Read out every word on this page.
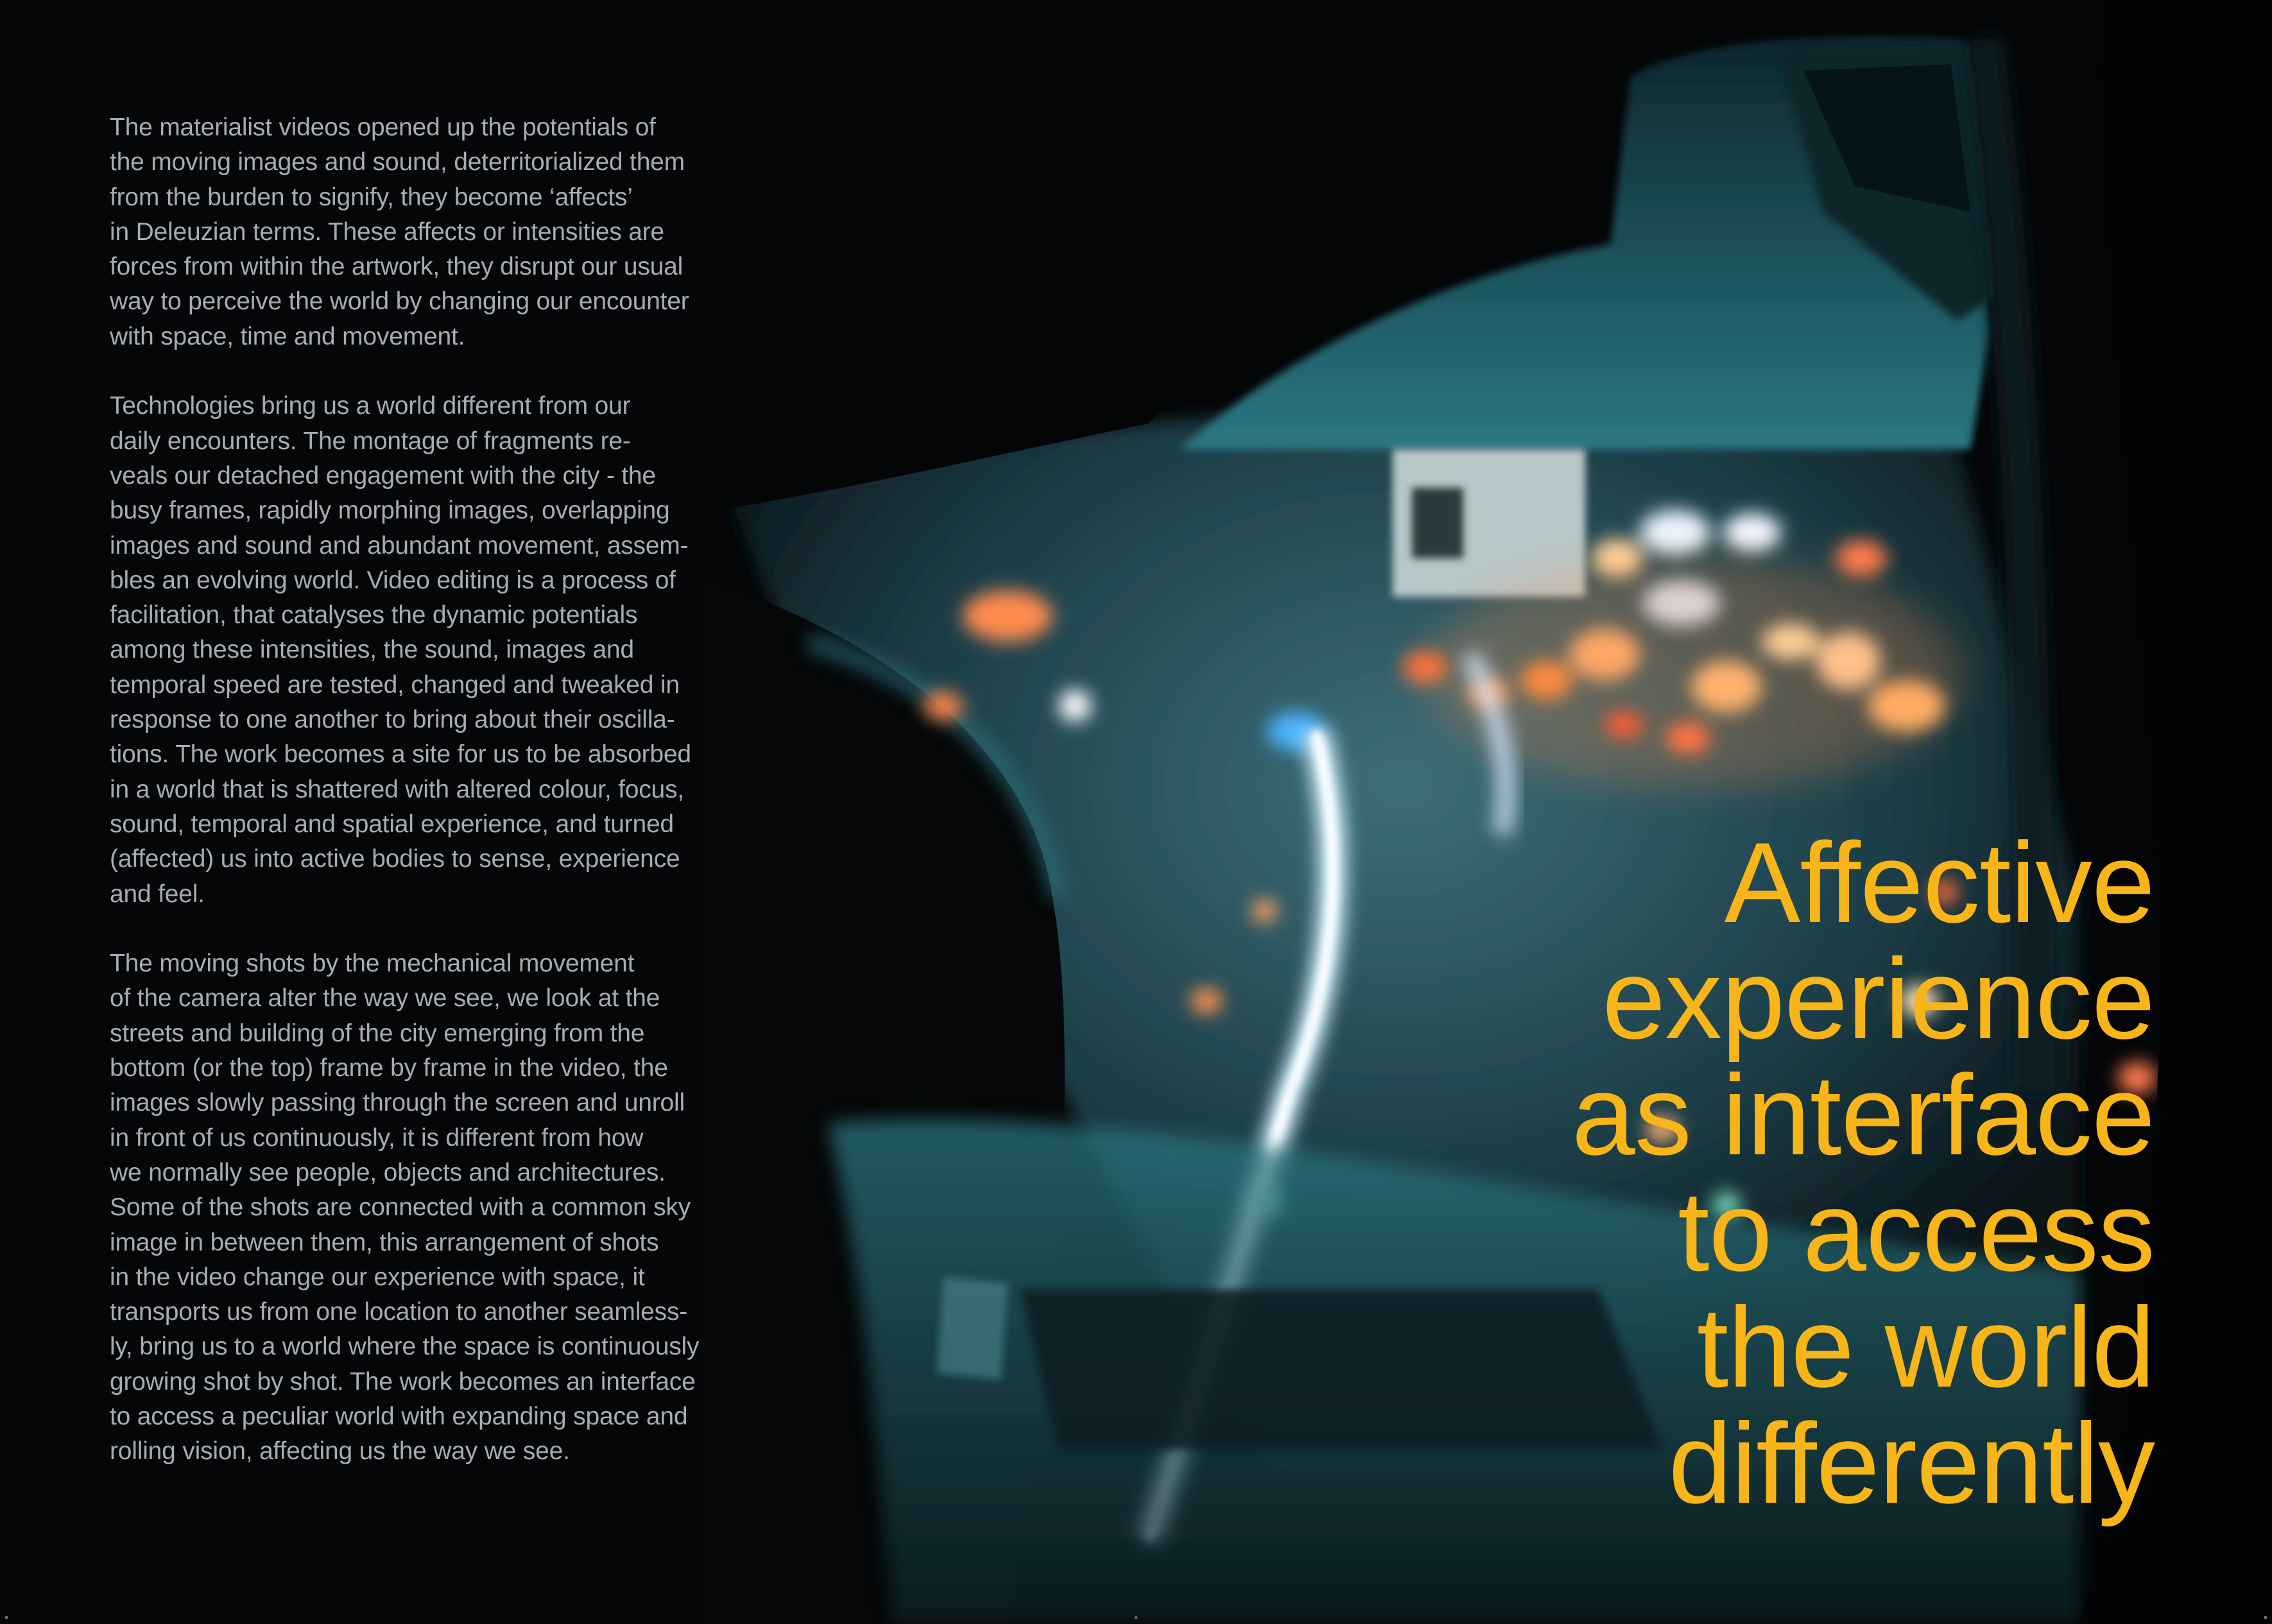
The materialist videos opened up the potentials of
the moving images and sound, deterritorialized them
from the burden to signify, they become ‘affects’
in Deleuzian terms. These affects or intensities are
forces from within the artwork, they disrupt our usual
way to perceive the world by changing our encounter
with space, time and movement.

Technologies bring us a world different from our
daily encounters. The montage of fragments re-
veals our detached engagement with the city - the
busy frames, rapidly morphing images, overlapping
images and sound and abundant movement, assem-
bles an evolving world. Video editing is a process of
facilitation, that catalyses the dynamic potentials
among these intensities, the sound, images and
temporal speed are tested, changed and tweaked in
response to one another to bring about their oscilla-
tions. The work becomes a site for us to be absorbed
in a world that is shattered with altered colour, focus,
sound, temporal and spatial experience, and turned
(affected) us into active bodies to sense, experience
and feel.

The moving shots by the mechanical movement
of the camera alter the way we see, we look at the
streets and building of the city emerging from the
bottom (or the top) frame by frame in the video, the
images slowly passing through the screen and unroll
in front of us continuously, it is different from how
we normally see people, objects and architectures.
Some of the shots are connected with a common sky
image in between them, this arrangement of shots
in the video change our experience with space, it
transports us from one location to another seamless-
ly, bring us to a world where the space is continuously
growing shot by shot. The work becomes an interface
to access a peculiar world with expanding space and
rolling vision, affecting us the way we see.

Affective
experience
as interface
to access
the world
differently
